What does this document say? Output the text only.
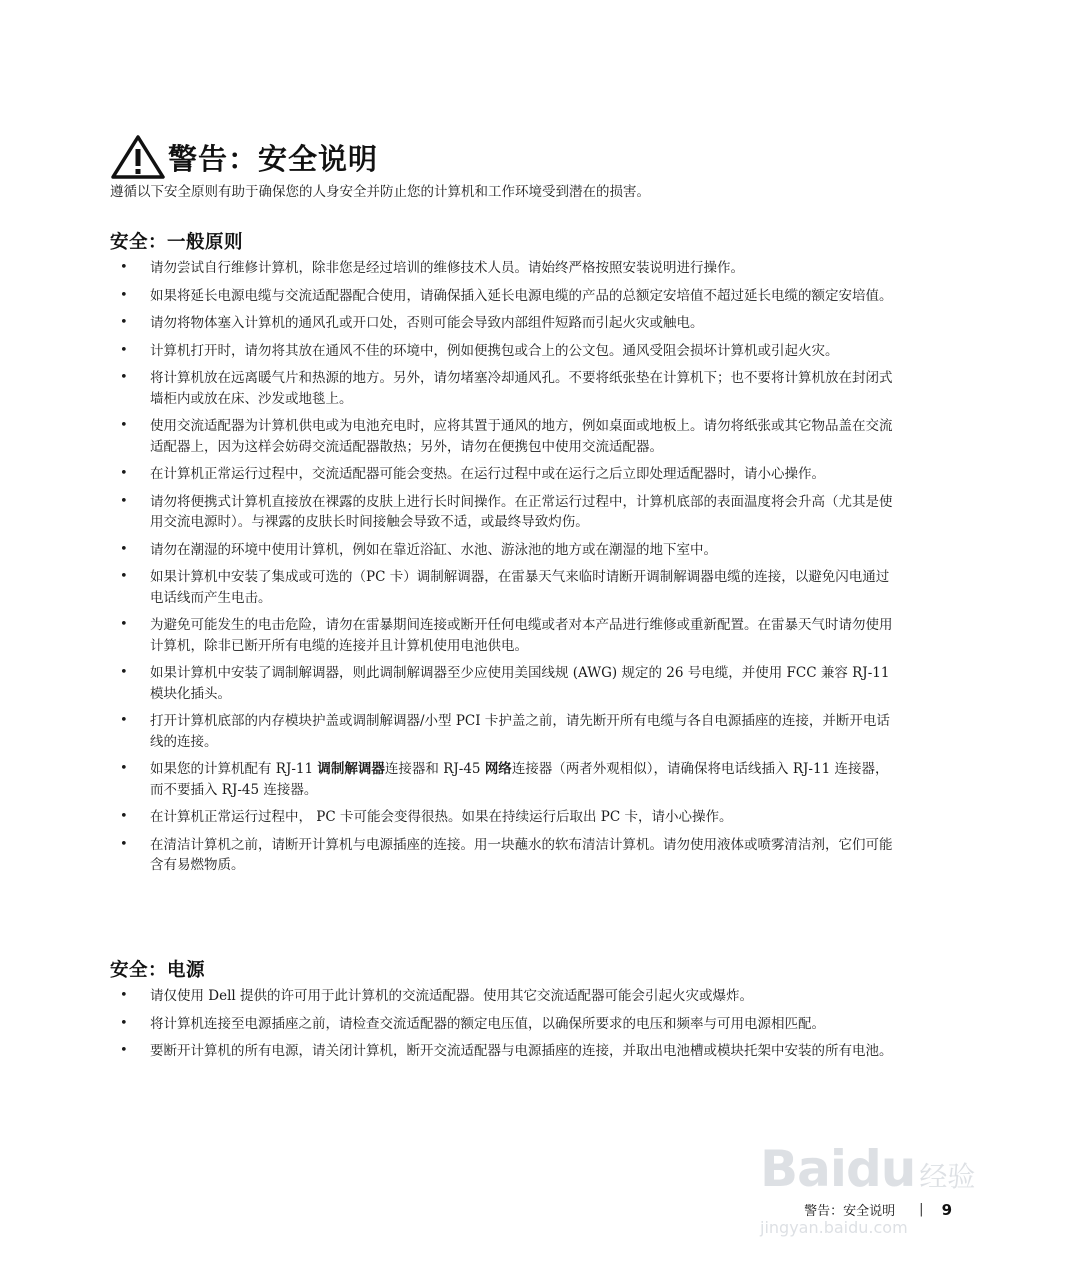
警告：安全说明
遵循以下安全原则有助于确保您的人身安全并防止您的计算机和工作环境受到潜在的损害。
安全：一般原则
• 请勿尝试自行维修计算机，除非您是经过培训的维修技术人员。请始终严格按照安装说明进行操作。
• 如果将延长电源电缆与交流适配器配合使用，请确保插入延长电源电缆的产品的总额定安培值不超过延长电缆的额定安培值。
• 请勿将物体塞入计算机的通风孔或开口处，否则可能会导致内部组件短路而引起火灾或触电。
• 计算机打开时，请勿将其放在通风不佳的环境中，例如便携包或合上的公文包。通风受阻会损坏计算机或引起火灾。
• 将计算机放在远离暖气片和热源的地方。另外，请勿堵塞冷却通风孔。不要将纸张垫在计算机下；也不要将计算机放在封闭式墙柜内或放在床、沙发或地毯上。
• 使用交流适配器为计算机供电或为电池充电时，应将其置于通风的地方，例如桌面或地板上。请勿将纸张或其它物品盖在交流适配器上，因为这样会妨碍交流适配器散热；另外，请勿在便携包中使用交流适配器。
• 在计算机正常运行过程中，交流适配器可能会变热。在运行过程中或在运行之后立即处理适配器时，请小心操作。
• 请勿将便携式计算机直接放在裸露的皮肤上进行长时间操作。在正常运行过程中，计算机底部的表面温度将会升高（尤其是使用交流电源时）。与裸露的皮肤长时间接触会导致不适，或最终导致灼伤。
• 请勿在潮湿的环境中使用计算机，例如在靠近浴缸、水池、游泳池的地方或在潮湿的地下室中。
• 如果计算机中安装了集成或可选的（PC 卡）调制解调器，在雷暴天气来临时请断开调制解调器电缆的连接，以避免闪电通过电话线而产生电击。
• 为避免可能发生的电击危险，请勿在雷暴期间连接或断开任何电缆或者对本产品进行维修或重新配置。在雷暴天气时请勿使用计算机，除非已断开所有电缆的连接并且计算机使用电池供电。
• 如果计算机中安装了调制解调器，则此调制解调器至少应使用美国线规 (AWG) 规定的 26 号电缆，并使用 FCC 兼容 RJ-11 模块化插头。
• 打开计算机底部的内存模块护盖或调制解调器/小型 PCI 卡护盖之前，请先断开所有电缆与各自电源插座的连接，并断开电话线的连接。
• 如果您的计算机配有 RJ-11 调制解调器连接器和 RJ-45 网络连接器（两者外观相似），请确保将电话线插入 RJ-11 连接器，而不要插入 RJ-45 连接器。
• 在计算机正常运行过程中， PC 卡可能会变得很热。如果在持续运行后取出 PC 卡，请小心操作。
• 在清洁计算机之前，请断开计算机与电源插座的连接。用一块蘸水的软布清洁计算机。请勿使用液体或喷雾清洁剂，它们可能含有易燃物质。
安全：电源
• 请仅使用 Dell 提供的许可用于此计算机的交流适配器。使用其它交流适配器可能会引起火灾或爆炸。
• 将计算机连接至电源插座之前，请检查交流适配器的额定电压值，以确保所要求的电压和频率与可用电源相匹配。
• 要断开计算机的所有电源，请关闭计算机，断开交流适配器与电源插座的连接，并取出电池槽或模块托架中安装的所有电池。
Baidu 经验
jingyan.baidu.com
警告：安全说明 | 9
